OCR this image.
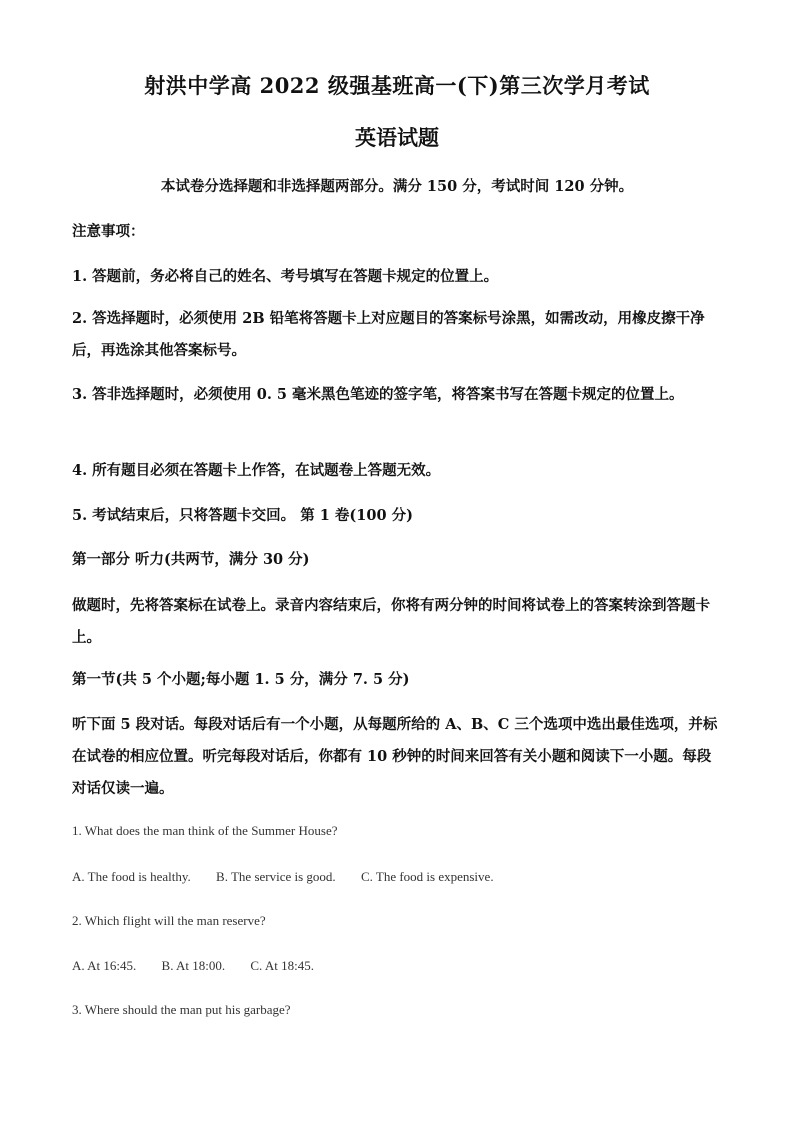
射洪中学高 2022 级强基班高一(下)第三次学月考试
英语试题
本试卷分选择题和非选择题两部分。满分 150 分，考试时间 120 分钟。
注意事项：
1. 答题前，务必将自己的姓名、考号填写在答题卡规定的位置上。
2. 答选择题时，必须使用 2B 铅笔将答题卡上对应题目的答案标号涂黑，如需改动，用橡皮擦干净后，再选涂其他答案标号。
3. 答非选择题时，必须使用 0. 5 毫米黑色笔迹的签字笔，将答案书写在答题卡规定的位置上。
4. 所有题目必须在答题卡上作答，在试题卷上答题无效。
5. 考试结束后，只将答题卡交回。 第 1 卷(100 分)
第一部分 听力(共两节，满分 30 分)
做题时，先将答案标在试卷上。录音内容结束后，你将有两分钟的时间将试卷上的答案转涂到答题卡上。
第一节(共 5 个小题;每小题 1. 5 分，满分 7. 5 分)
听下面 5 段对话。每段对话后有一个小题，从每题所给的 A、B、C 三个选项中选出最佳选项，并标在试卷的相应位置。听完每段对话后，你都有 10 秒钟的时间来回答有关小题和阅读下一小题。每段对话仅读一遍。
1. What does the man think of the Summer House?
A. The food is healthy. B. The service is good. C. The food is expensive.
2. Which flight will the man reserve?
A. At 16:45. B. At 18:00. C. At 18:45.
3. Where should the man put his garbage?
